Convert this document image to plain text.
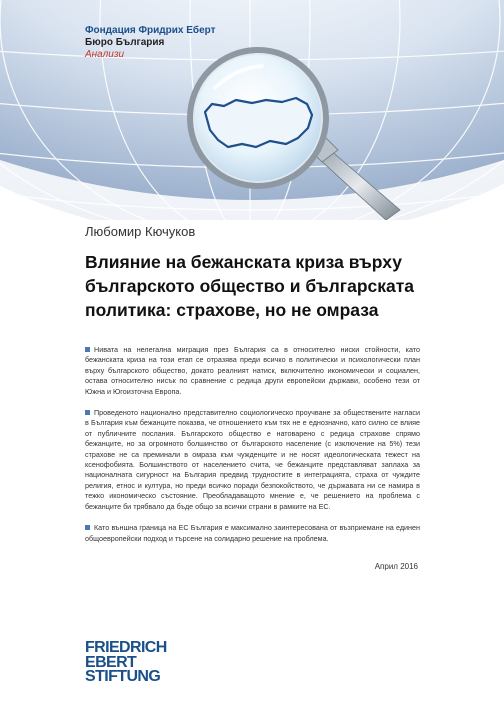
Фондация Фридрих Еберт
Бюро България
Анализи
Любомир Кючуков
Влияние на бежанската криза върху българското общество и българската политика: страхове, но не омраза

Нивата на нелегална миграция през България са в относително ниски стойности, като бежанската криза на този етап се отразява преди всичко в политически и психологически план върху българското общество, докато реалният натиск, включително икономически и социален, остава относително нисък по сравнение с редица други европейски държави, особено тези от Южна и Югоизточна Европа.

Проведеното национално представително социологическо проучване за обществените нагласи в България към бежанците показва, че отношението към тях не е еднозначно, като силно се влияе от публичните послания. Българското общество е натоварено с редица страхове спрямо бежанците, но за огромното болшинство от българското население (с изключение на 5%) тези страхове не са преминали в омраза към чужденците и не носят идеологическата тежест на ксенофобията. Болшинството от населението счита, че бежанците представляват заплаха за националната сигурност на България предвид трудностите в интеграцията, страха от чуждите религия, етнос и култура, но преди всичко поради безпокойството, че държавата ни се намира в тежко икономическо състояние. Преобладаващото мнение е, че решението на проблема с бежанците би трябвало да бъде общо за всички страни в рамките на ЕС.

Като външна граница на ЕС България е максимално заинтересована от възприемане на единен общоевропейски подход и търсене на солидарно решение на проблема.

Април 2016
FRIEDRICH
EBERT
STIFTUNG
